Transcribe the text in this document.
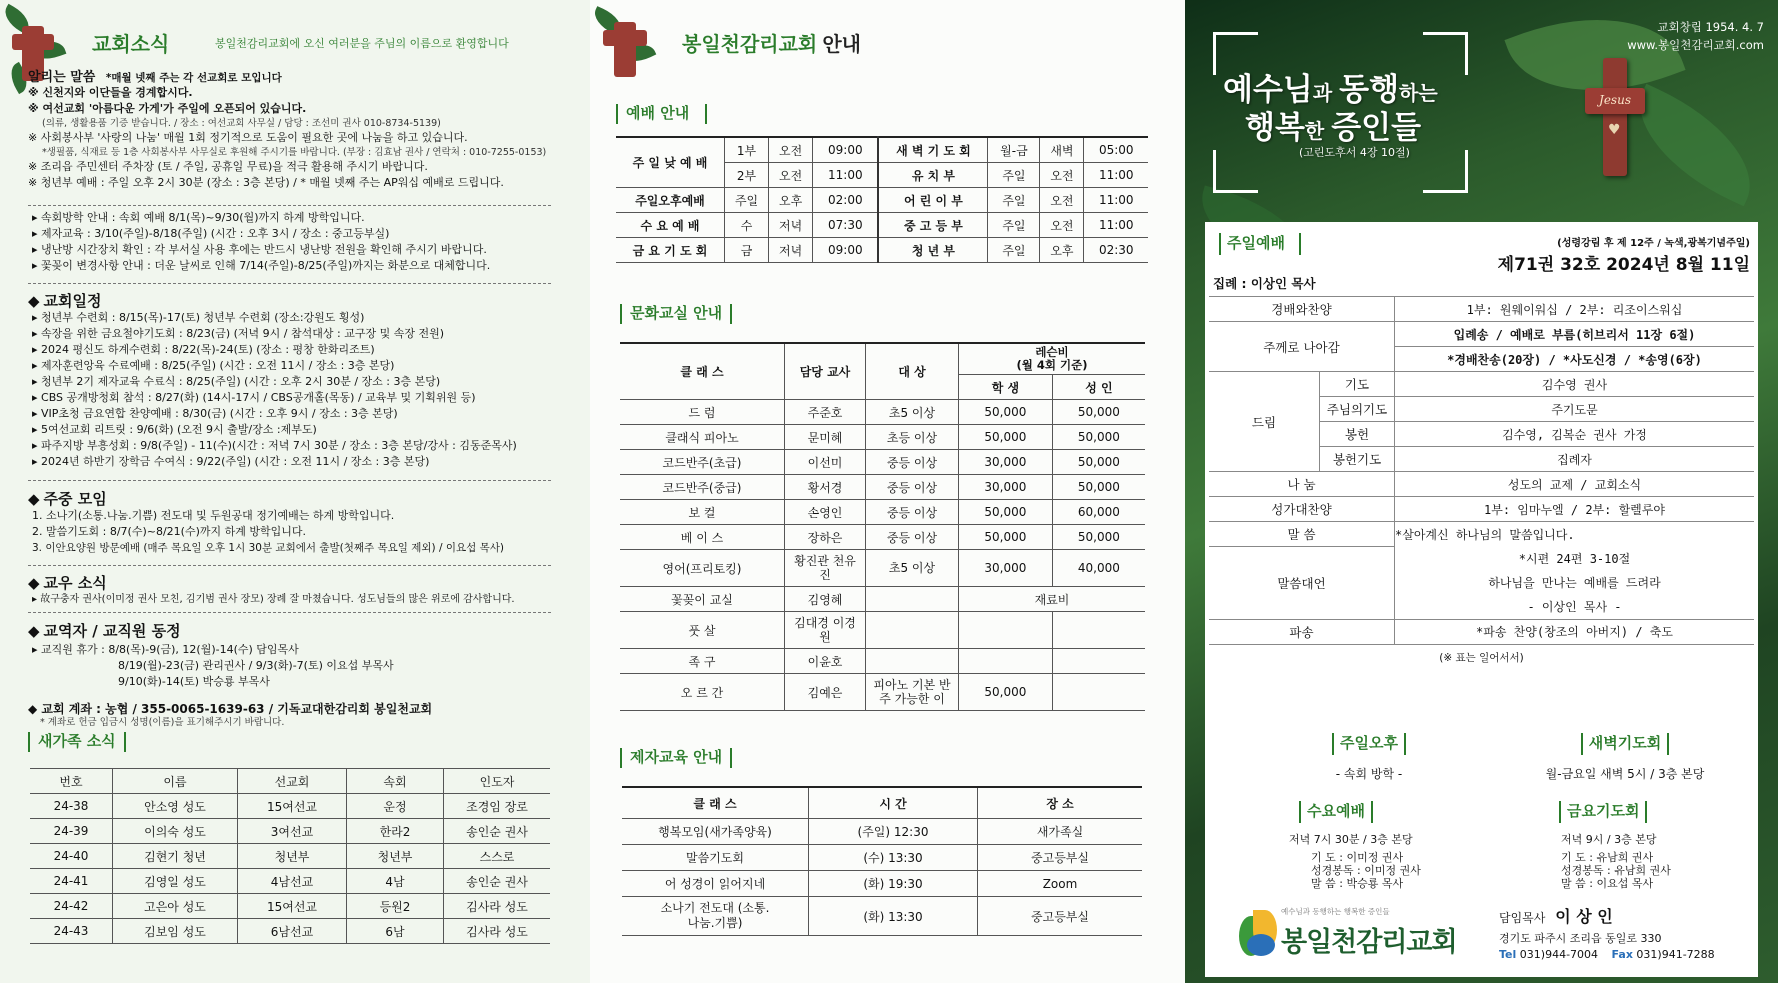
교회소식	봉일천감리교회에 오신 여러분을 주님의 이름으로 환영합니다
알리는 말씀 *매월 넷째 주는 각 선교회로 모입니다
※ 신천지와 이단들을 경계합시다.
※ 여선교회 '아름다운 가게'가 주일에 오픈되어 있습니다.
(의류, 생활용품 기증 받습니다. / 장소 : 여선교회 사무실 / 담당 : 조선미 권사 010-8734-5139)
※ 사회봉사부 '사랑의 나눔' 매월 1회 정기적으로 도움이 필요한 곳에 나눔을 하고 있습니다.
*생필품, 식재료 등 1층 사회봉사부 사무실로 후원해 주시기를 바랍니다. (부장 : 김효남 권사 / 연락처 : 010-7255-0153)
※ 조리읍 주민센터 주차장 (토 / 주일, 공휴일 무료)을 적극 활용해 주시기 바랍니다.
※ 청년부 예배 : 주일 오후 2시 30분 (장소 : 3층 본당) / * 매월 넷째 주는 AP워십 예배로 드립니다.
▸ 속회방학 안내 : 속회 예배 8/1(목)~9/30(월)까지 하계 방학입니다.
▸ 제자교육 : 3/10(주일)-8/18(주일) (시간 : 오후 3시 / 장소 : 중고등부실)
▸ 냉난방 시간장치 확인 : 각 부서실 사용 후에는 반드시 냉난방 전원을 확인해 주시기 바랍니다.
▸ 꽃꽂이 변경사항 안내 : 더운 날씨로 인해 7/14(주일)-8/25(주일)까지는 화분으로 대체합니다.
◆ 교회일정
▸ 청년부 수련회 : 8/15(목)-17(토) 청년부 수련회 (장소:강원도 횡성)
▸ 속장을 위한 금요철야기도회 : 8/23(금) (저녁 9시 / 참석대상 : 교구장 및 속장 전원)
▸ 2024 평신도 하계수련회 : 8/22(목)-24(토) (장소 : 평창 한화리조트)
▸ 제자훈련앙육 수료예배 : 8/25(주일) (시간 : 오전 11시 / 장소 : 3층 본당)
▸ 청년부 2기 제자교육 수료식 : 8/25(주일) (시간 : 오후 2시 30분 / 장소 : 3층 본당)
▸ CBS 공개방청회 참석 : 8/27(화) (14시-17시 / CBS공개홀(목동) / 교육부 및 기획위원 등)
▸ VIP초청 금요연합 찬양예배 : 8/30(금) (시간 : 오후 9시 / 장소 : 3층 본당)
▸ 5여선교회 리트릿 : 9/6(화) (오전 9시 출발/장소 :제부도)
▸ 파주지방 부흥성회 : 9/8(주일) - 11(수)(시간 : 저녁 7시 30분 / 장소 : 3층 본당/강사 : 김동준목사)
▸ 2024년 하반기 장학금 수여식 : 9/22(주일) (시간 : 오전 11시 / 장소 : 3층 본당)
◆ 주중 모임
1. 소나기(소통.나눔.기쁨) 전도대 및 두원공대 정기예배는 하계 방학입니다.
2. 말씀기도회 : 8/7(수)~8/21(수)까지 하계 방학입니다.
3. 이안요양원 방문예배 (매주 목요일 오후 1시 30분 교회에서 출발(첫째주 목요일 제외) / 이요섭 목사)
◆ 교우 소식
▸ 故구충자 권사(이미정 권사 모친, 김기범 권사 장모) 장례 잘 마쳤습니다. 성도님들의 많은 위로에 감사합니다.
◆ 교역자 / 교직원 동정
▸ 교직원 휴가 : 8/8(목)-9(금), 12(월)-14(수) 담임목사
8/19(월)-23(금) 관리권사 / 9/3(화)-7(토) 이요섭 부목사
9/10(화)-14(토) 박승룡 부목사
◆ 교회 계좌 : 농협 / 355-0065-1639-63 / 기독교대한감리회 봉일천교회
* 계좌로 헌금 입금시 성명(이름)을 표기해주시기 바랍니다.
새가족 소식
번호	이름	선교회	속회	인도자
24-38	안소영 성도	15여선교	운정	조경임 장로
24-39	이의숙 성도	3여선교	한라2	송인순 권사
24-40	김현기 청년	청년부	청년부	스스로
24-41	김영일 성도	4남선교	4남	송인순 권사
24-42	고은아 성도	15여선교	등원2	김사라 성도
24-43	김보임 성도	6남선교	6남	김사라 성도
봉일천감리교회 안내
예배 안내
주 일 낮 예 배	1부	오전	09:00	새 벽 기 도 회	월-금	새벽	05:00
	2부	오전	11:00	유 치 부	주일	오전	11:00
주일오후예배	주일	오후	02:00	어 린 이 부	주일	오전	11:00
수 요 예 배	수	저녁	07:30	중 고 등 부	주일	오전	11:00
금 요 기 도 회	금	저녁	09:00	청 년 부	주일	오후	02:30
문화교실 안내
클 래 스	담당 교사	대 상	레슨비
(월 4회 기준)	
			학 생	성 인
드 럼	주준호	초5 이상	50,000	50,000
클래식 피아노	문미혜	초등 이상	50,000	50,000
코드반주(초급)	이선미	중등 이상	30,000	50,000
코드반주(중급)	황서경	중등 이상	30,000	50,000
보 컬	손영인	중등 이상	50,000	60,000
베 이 스	장하은	중등 이상	50,000	50,000
영어(프리토킹)	황진관 천유진	초5 이상	30,000	40,000
꽃꽂이 교실	김영혜		재료비	
풋 살	김대경 이경원			
족 구	이윤호			
오 르 간	김예은	피아노 기본 반주 가능한 이	50,000	
제자교육 안내
클 래 스	시 간	장 소
행복모임(새가족양육)	(주일) 12:30	새가족실
말씀기도회	(수) 13:30	중고등부실
어 성경이 읽어지네	(화) 19:30	Zoom
소나기 전도대 (소통.나눔.기쁨)	(화) 13:30	중고등부실
교회창립 1954. 4. 7
www.봉일천감리교회.com
예수님과 동행하는
행복한 증인들
(고린도후서 4장 10절)
Jesus
♥
주일예배	(성령강림 후 제 12주 / 녹색,광복기념주일)
제71권 32호 2024년 8월 11일
집례 : 이상인 목사
경배와찬양		1부: 원웨이워십 / 2부: 리조이스워십
주께로 나아감		입례송 / 예배로 부름(히브리서 11장 6절)
		*경배찬송(20장) / *사도신경 / *송영(6장)
드림	기도	김수영 권사
	주님의기도	주기도문
	봉헌	김수영, 김복순 권사 가정
	봉헌기도	집례자
나 눔		성도의 교제 / 교회소식
성가대찬양		1부: 임마누엘 / 2부: 할렐루야
말 씀		*살아계신 하나님의 말씀입니다.
말씀대언		*시편 24편 3-10절
		하나님을 만나는 예배를 드려라
		- 이상인 목사 -
파송		*파송 찬양(창조의 아버지) / 축도
(※ 표는 일어서서)
주일오후
- 속회 방학 -
새벽기도회
월-금요일 새벽 5시 / 3층 본당
수요예배
저녁 7시 30분 / 3층 본당
기 도 : 이미정 권사
성경봉독 : 이미정 권사
말 씀 : 박승룡 목사
금요기도회
저녁 9시 / 3층 본당
기 도 : 유남희 권사
성경봉독 : 유남희 권사
말 씀 : 이요섭 목사
예수님과 동행하는 행복한 증인들
봉일천감리교회
담임목사 이 상 인
경기도 파주시 조리읍 동일로 330
Tel 031)944-7004 Fax 031)941-7288
